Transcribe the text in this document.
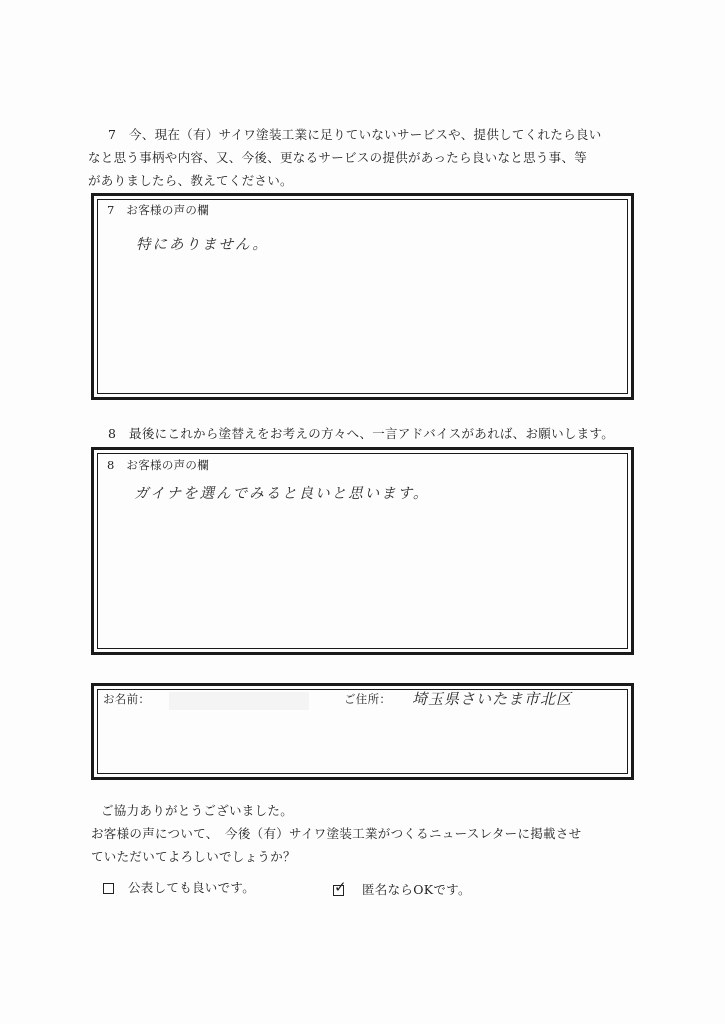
7　今、現在（有）サイワ塗装工業に足りていないサービスや、提供してくれたら良い
なと思う事柄や内容、又、今後、更なるサービスの提供があったら良いなと思う事、等
がありましたら、教えてください。
7　お客様の声の欄
特にありません。
8　最後にこれから塗替えをお考えの方々へ、一言アドバイスがあれば、お願いします。
8　お客様の声の欄
ガイナを選んでみると良いと思います。
お名前：	ご住所： 埼玉県さいたま市北区
ご協力ありがとうございました。
お客様の声について、　今後（有）サイワ塗装工業がつくるニュースレターに掲載させ
ていただいてよろしいでしょうか？
公表しても良いです。	✓ 匿名ならOKです。
